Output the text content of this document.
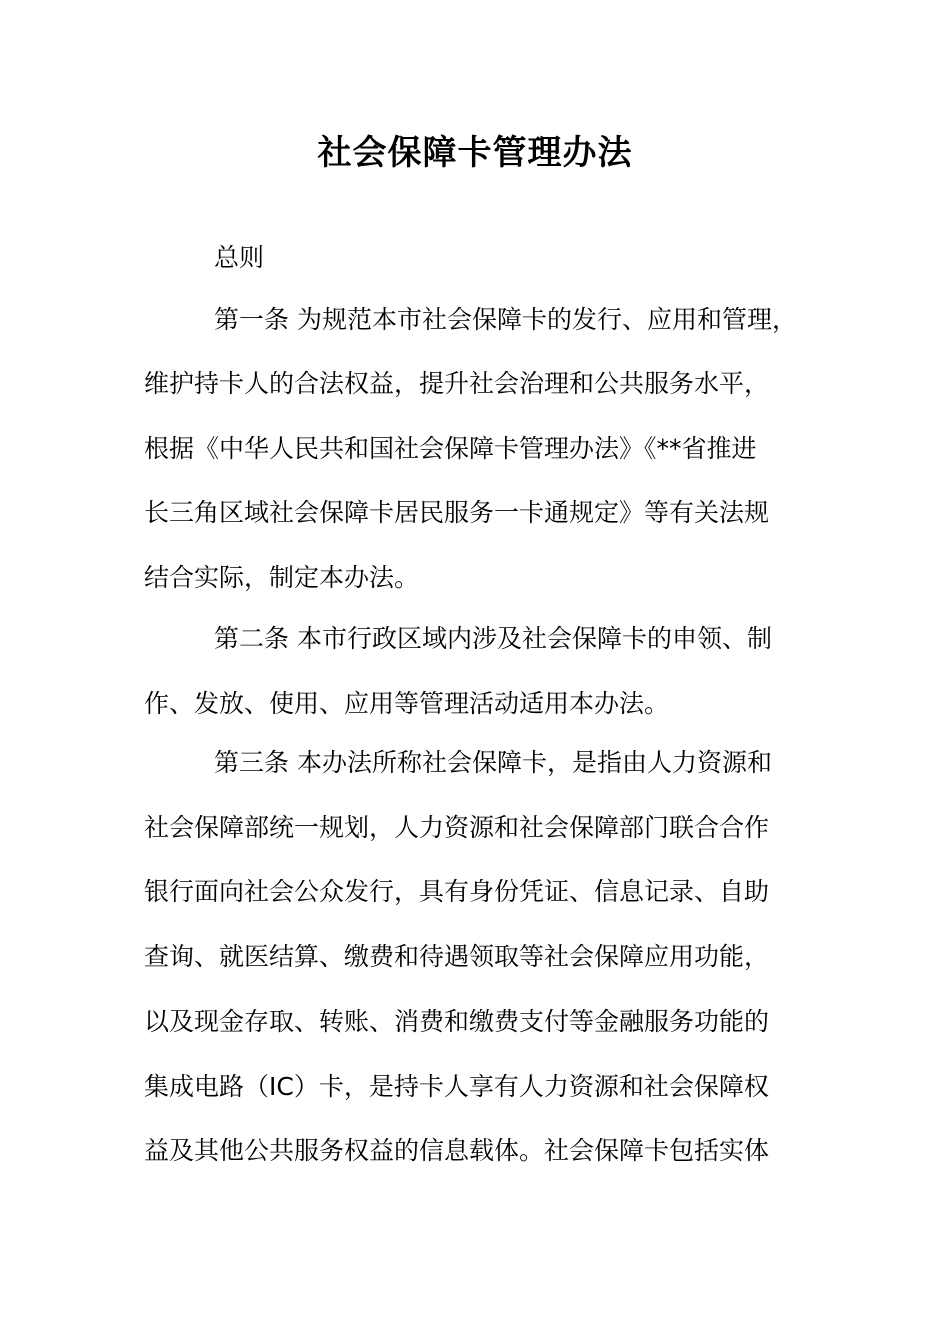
社会保障卡管理办法
总则
第一条 为规范本市社会保障卡的发行、应用和管理，
维护持卡人的合法权益，提升社会治理和公共服务水平，
根据《中华人民共和国社会保障卡管理办法》《**省推进
长三角区域社会保障卡居民服务一卡通规定》等有关法规
结合实际，制定本办法。
第二条 本市行政区域内涉及社会保障卡的申领、制
作、发放、使用、应用等管理活动适用本办法。
第三条 本办法所称社会保障卡，是指由人力资源和
社会保障部统一规划，人力资源和社会保障部门联合合作
银行面向社会公众发行，具有身份凭证、信息记录、自助
查询、就医结算、缴费和待遇领取等社会保障应用功能，
以及现金存取、转账、消费和缴费支付等金融服务功能的
集成电路（IC）卡，是持卡人享有人力资源和社会保障权
益及其他公共服务权益的信息载体。社会保障卡包括实体
